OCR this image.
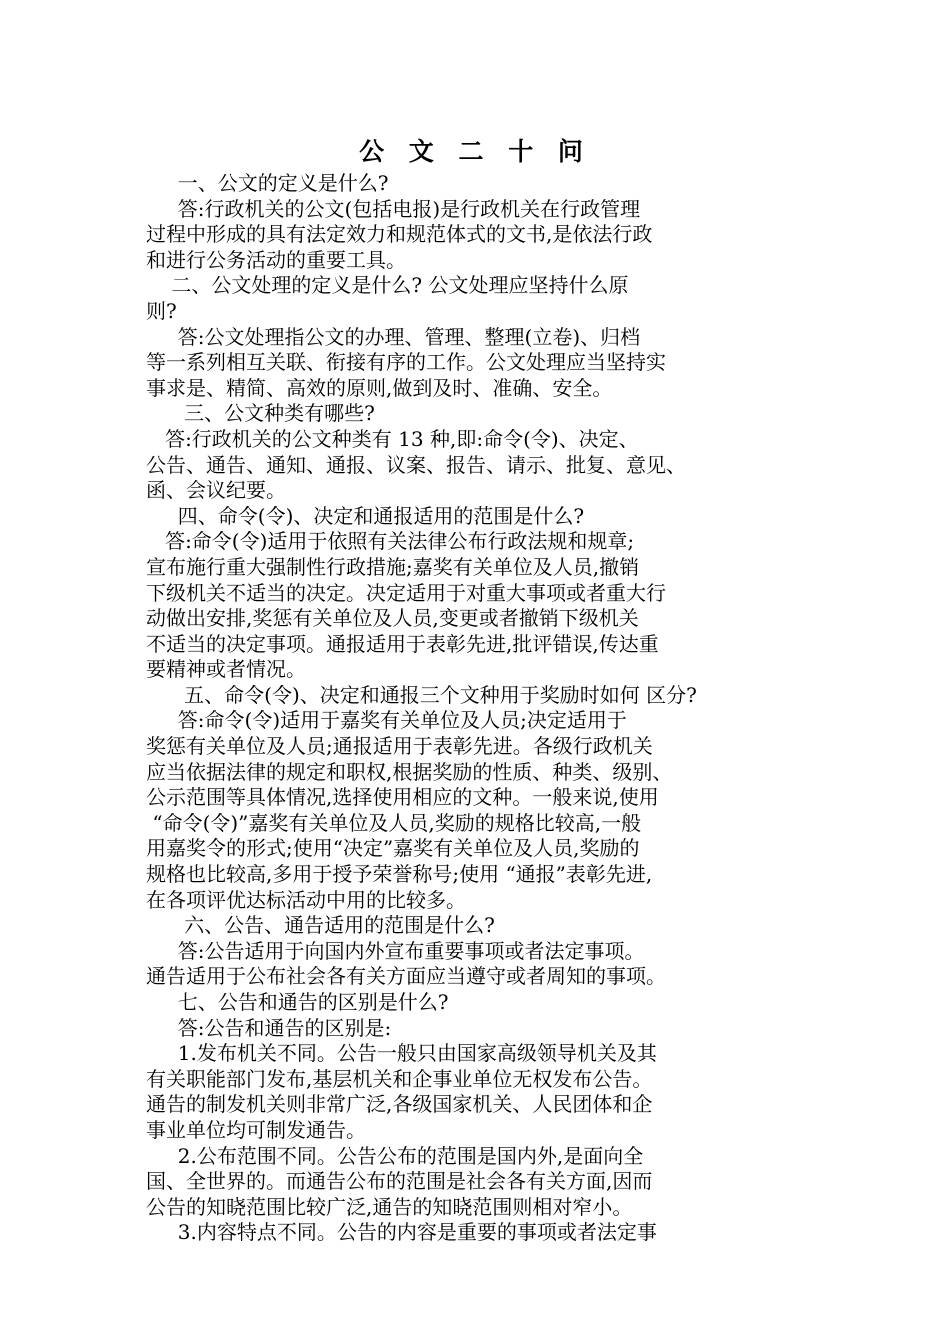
公 文 二 十 问
一、公文的定义是什么?
答:行政机关的公文(包括电报)是行政机关在行政管理
过程中形成的具有法定效力和规范体式的文书,是依法行政
和进行公务活动的重要工具。
二、公文处理的定义是什么? 公文处理应坚持什么原
则?
答:公文处理指公文的办理、管理、整理(立卷)、归档
等一系列相互关联、衔接有序的工作。公文处理应当坚持实
事求是、精简、高效的原则,做到及时、准确、安全。
三、公文种类有哪些?
答:行政机关的公文种类有 13 种,即:命令(令)、决定、
公告、通告、通知、通报、议案、报告、请示、批复、意见、
函、会议纪要。
四、命令(令)、决定和通报适用的范围是什么?
答:命令(令)适用于依照有关法律公布行政法规和规章;
宣布施行重大强制性行政措施;嘉奖有关单位及人员,撤销
下级机关不适当的决定。决定适用于对重大事项或者重大行
动做出安排,奖惩有关单位及人员,变更或者撤销下级机关
不适当的决定事项。通报适用于表彰先进,批评错误,传达重
要精神或者情况。
五、命令(令)、决定和通报三个文种用于奖励时如何 区分?
答:命令(令)适用于嘉奖有关单位及人员;决定适用于
奖惩有关单位及人员;通报适用于表彰先进。各级行政机关
应当依据法律的规定和职权,根据奖励的性质、种类、级别、
公示范围等具体情况,选择使用相应的文种。一般来说,使用
“命令(令)”嘉奖有关单位及人员,奖励的规格比较高,一般
用嘉奖令的形式;使用“决定”嘉奖有关单位及人员,奖励的
规格也比较高,多用于授予荣誉称号;使用 “通报”表彰先进,
在各项评优达标活动中用的比较多。
六、公告、通告适用的范围是什么?
答:公告适用于向国内外宣布重要事项或者法定事项。
通告适用于公布社会各有关方面应当遵守或者周知的事项。
七、公告和通告的区别是什么?
答:公告和通告的区别是:
1.发布机关不同。公告一般只由国家高级领导机关及其
有关职能部门发布,基层机关和企事业单位无权发布公告。
通告的制发机关则非常广泛,各级国家机关、人民团体和企
事业单位均可制发通告。
2.公布范围不同。公告公布的范围是国内外,是面向全
国、全世界的。而通告公布的范围是社会各有关方面,因而
公告的知晓范围比较广泛,通告的知晓范围则相对窄小。
3.内容特点不同。公告的内容是重要的事项或者法定事
